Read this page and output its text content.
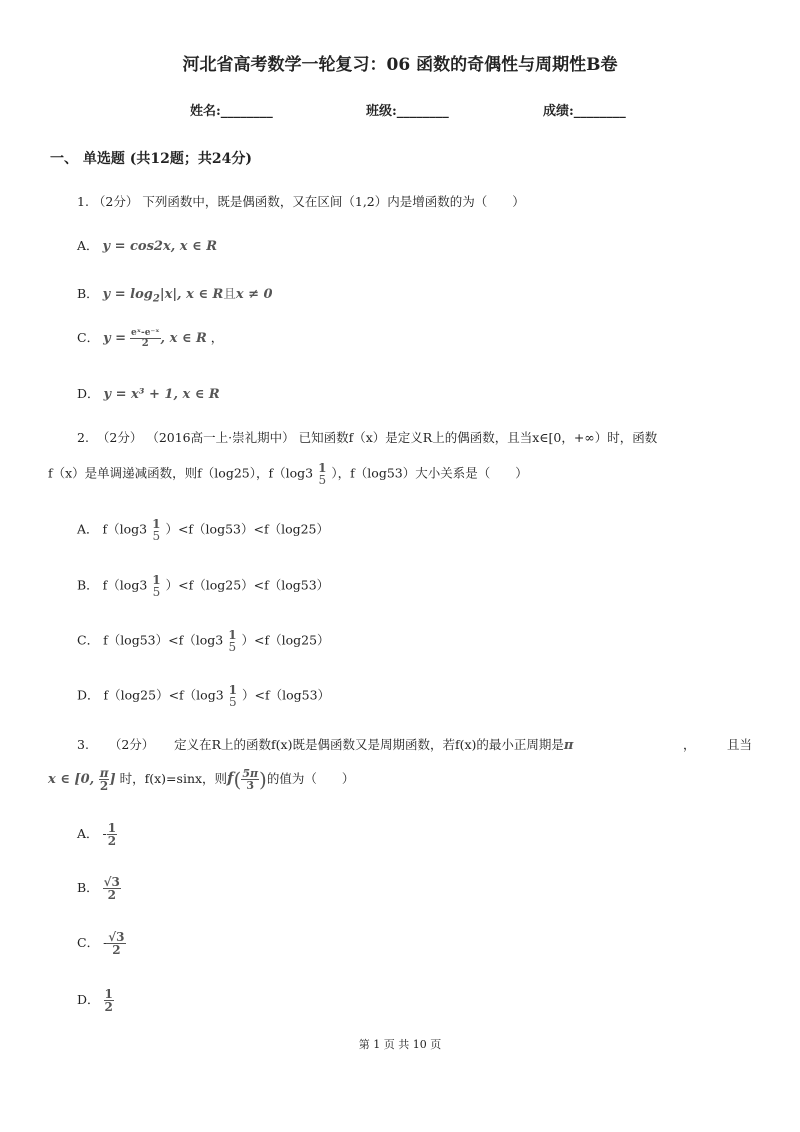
河北省高考数学一轮复习：06 函数的奇偶性与周期性B卷
姓名:________	班级:________	成绩:________
一、 单选题 (共12题；共24分)
1. （2分） 下列函数中，既是偶函数，又在区间（1,2）内是增函数的为（　　）
A． y = cos2x, x ∈ R
B． $y = \log_2|x|$, x ∈ R且x ≠ 0
C． $y = \frac{\text{eˣ-e⁻ˣ}}{2}$ , x ∈ R ，
D． y = x³ + 1, x ∈ R
2. （2分） （2016高一上·崇礼期中） 已知函数f（x）是定义R上的偶函数，且当x∈[0，+∞）时，函数
f（x）是单调递减函数，则f（log25），f（log3 1
5 ），f（log53）大小关系是（　　）
A． f（log3 1
5 ）<f（log53）<f（log25）
B． f（log3 1
5 ）<f（log25）<f（log53）
C． f（log53）<f（log3 1
5 ）<f（log25）
D． f（log25）<f（log3 1
5 ）<f（log53）
3. （2分） 定义在R上的函数f(x)既是偶函数又是周期函数，若f(x)的最小正周期是π	，	且当
x ∈ [0, $\frac{\pi}{2}$ ] 时，f(x)=sinx，则$f( \frac{5\pi}{3}$ )的值为（　　）
A． - $\frac{1}{2}$
B． $\frac{√3}{2}$
C． - $\frac{√3}{2}$
D． $\frac{1}{2}$
第 1 页 共 10 页
